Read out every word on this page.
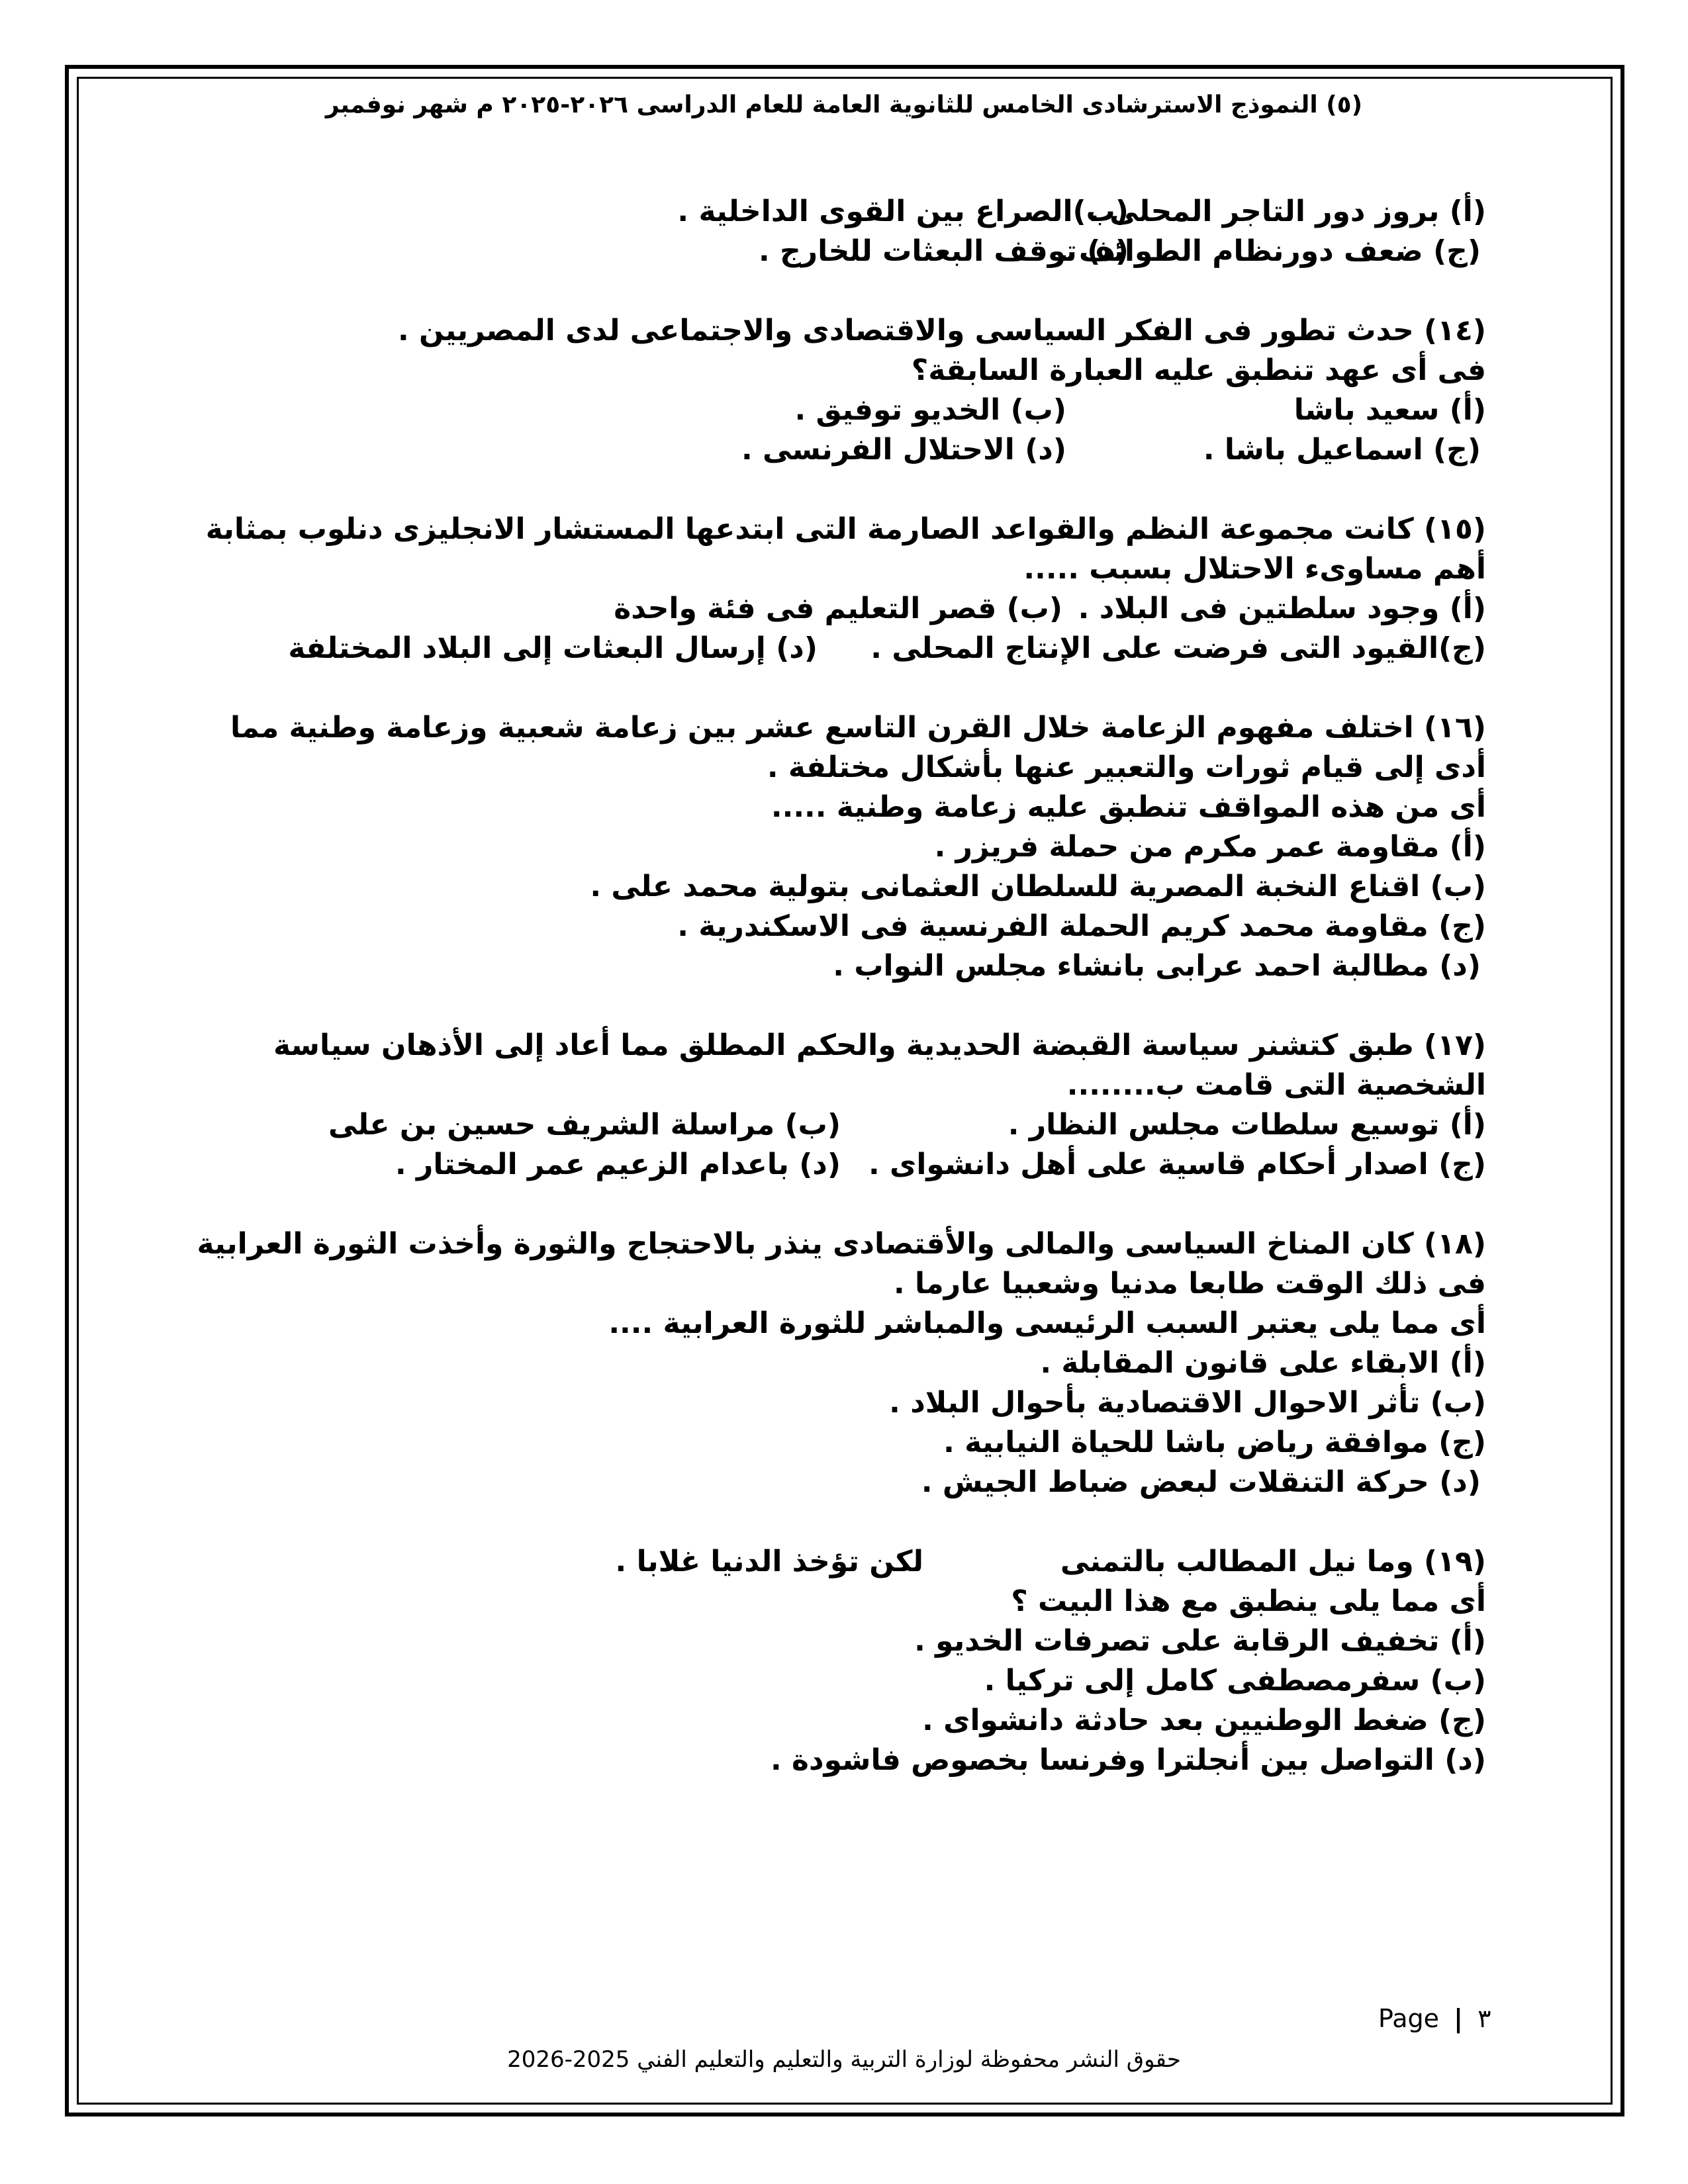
(٥) النموذج الاسترشادى الخامس للثانوية العامة للعام الدراسى ٢٠٢٦-٢٠٢٥ م شهر نوفمبر
(أ) بروز دور التاجر المحلى .
(ب)الصراع بين القوى الداخلية .
(ج) ضعف دورنظام الطوائف .
(د) توقف البعثات للخارج .
(١٤) حدث تطور فى الفكر السياسى والاقتصادى والاجتماعى لدى المصريين .
فى أى عهد تنطبق عليه العبارة السابقة؟
(أ) سعيد باشا
(ب) الخديو توفيق .
(ج) اسماعيل باشا .
(د) الاحتلال الفرنسى .
(١٥) كانت مجموعة النظم والقواعد الصارمة التى ابتدعها المستشار الانجليزى دنلوب بمثابة
أهم مساوىء الاحتلال بسبب .....
(أ) وجود سلطتين فى البلاد .
(ب) قصر التعليم فى فئة واحدة
(ج)القيود التى فرضت على الإنتاج المحلى .
(د) إرسال البعثات إلى البلاد المختلفة
(١٦) اختلف مفهوم الزعامة خلال القرن التاسع عشر بين زعامة شعبية وزعامة وطنية مما
أدى إلى قيام ثورات والتعبير عنها بأشكال مختلفة .
أى من هذه المواقف تنطبق عليه زعامة وطنية .....
(أ) مقاومة عمر مكرم من حملة فريزر .
(ب) اقناع النخبة المصرية للسلطان العثمانى بتولية محمد على .
(ج) مقاومة محمد كريم الحملة الفرنسية فى الاسكندرية .
(د) مطالبة احمد عرابى بانشاء مجلس النواب .
(١٧) طبق كتشنر سياسة القبضة الحديدية والحكم المطلق مما أعاد إلى الأذهان سياسة
الشخصية التى قامت ب........
(أ) توسيع سلطات مجلس النظار .
(ب) مراسلة الشريف حسين بن على
(ج) اصدار أحكام قاسية على أهل دانشواى .
(د) باعدام الزعيم عمر المختار .
(١٨) كان المناخ السياسى والمالى والأقتصادى ينذر بالاحتجاج والثورة وأخذت الثورة العرابية
فى ذلك الوقت طابعا مدنيا وشعبيا عارما .
أى مما يلى يعتبر السبب الرئيسى والمباشر للثورة العرابية ....
(أ) الابقاء على قانون المقابلة .
(ب) تأثر الاحوال الاقتصادية بأحوال البلاد .
(ج) موافقة رياض باشا للحياة النيابية .
(د) حركة التنقلات لبعض ضباط الجيش .
(١٩) وما نيل المطالب بالتمنى
لكن تؤخذ الدنيا غلابا .
أى مما يلى ينطبق مع هذا البيت ؟
(أ) تخفيف الرقابة على تصرفات الخديو .
(ب) سفرمصطفى كامل إلى تركيا .
(ج) ضغط الوطنيين بعد حادثة دانشواى .
(د) التواصل بين أنجلترا وفرنسا بخصوص فاشودة .
Page | ٣
حقوق النشر محفوظة لوزارة التربية والتعليم والتعليم الفني 2025-2026
